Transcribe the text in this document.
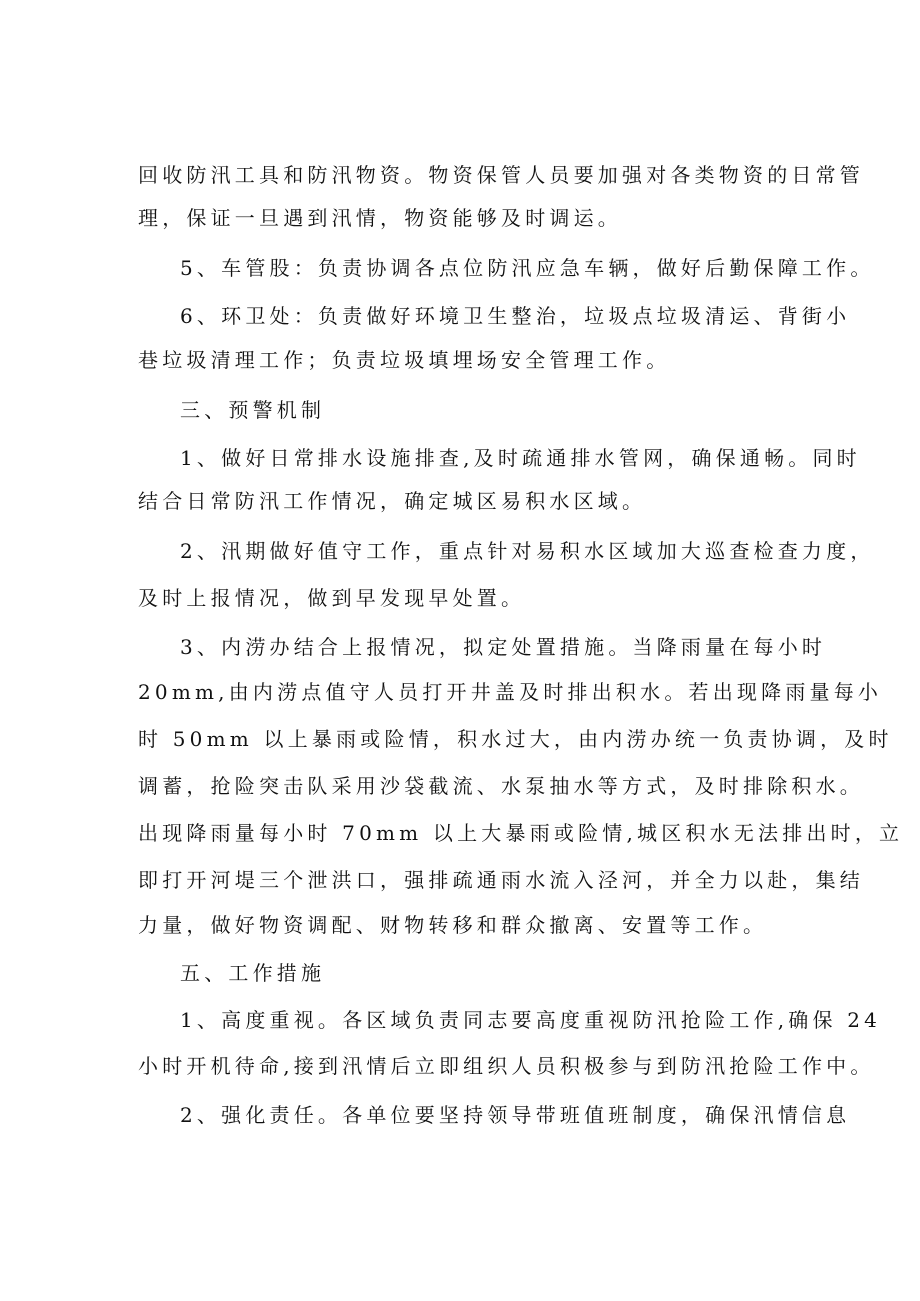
回收防汛工具和防汛物资。物资保管人员要加强对各类物资的日常管
理，保证一旦遇到汛情，物资能够及时调运。
5、车管股：负责协调各点位防汛应急车辆，做好后勤保障工作。
6、环卫处：负责做好环境卫生整治，垃圾点垃圾清运、背街小
巷垃圾清理工作；负责垃圾填埋场安全管理工作。
三、预警机制
1、做好日常排水设施排查,及时疏通排水管网，确保通畅。同时
结合日常防汛工作情况，确定城区易积水区域。
2、汛期做好值守工作，重点针对易积水区域加大巡查检查力度，
及时上报情况，做到早发现早处置。
3、内涝办结合上报情况，拟定处置措施。当降雨量在每小时
20mm,由内涝点值守人员打开井盖及时排出积水。若出现降雨量每小
时 50mm 以上暴雨或险情，积水过大，由内涝办统一负责协调，及时
调蓄，抢险突击队采用沙袋截流、水泵抽水等方式，及时排除积水。
出现降雨量每小时 70mm 以上大暴雨或险情,城区积水无法排出时，立
即打开河堤三个泄洪口，强排疏通雨水流入泾河，并全力以赴，集结
力量，做好物资调配、财物转移和群众撤离、安置等工作。
五、工作措施
1、高度重视。各区域负责同志要高度重视防汛抢险工作,确保 24
小时开机待命,接到汛情后立即组织人员积极参与到防汛抢险工作中。
2、强化责任。各单位要坚持领导带班值班制度，确保汛情信息
